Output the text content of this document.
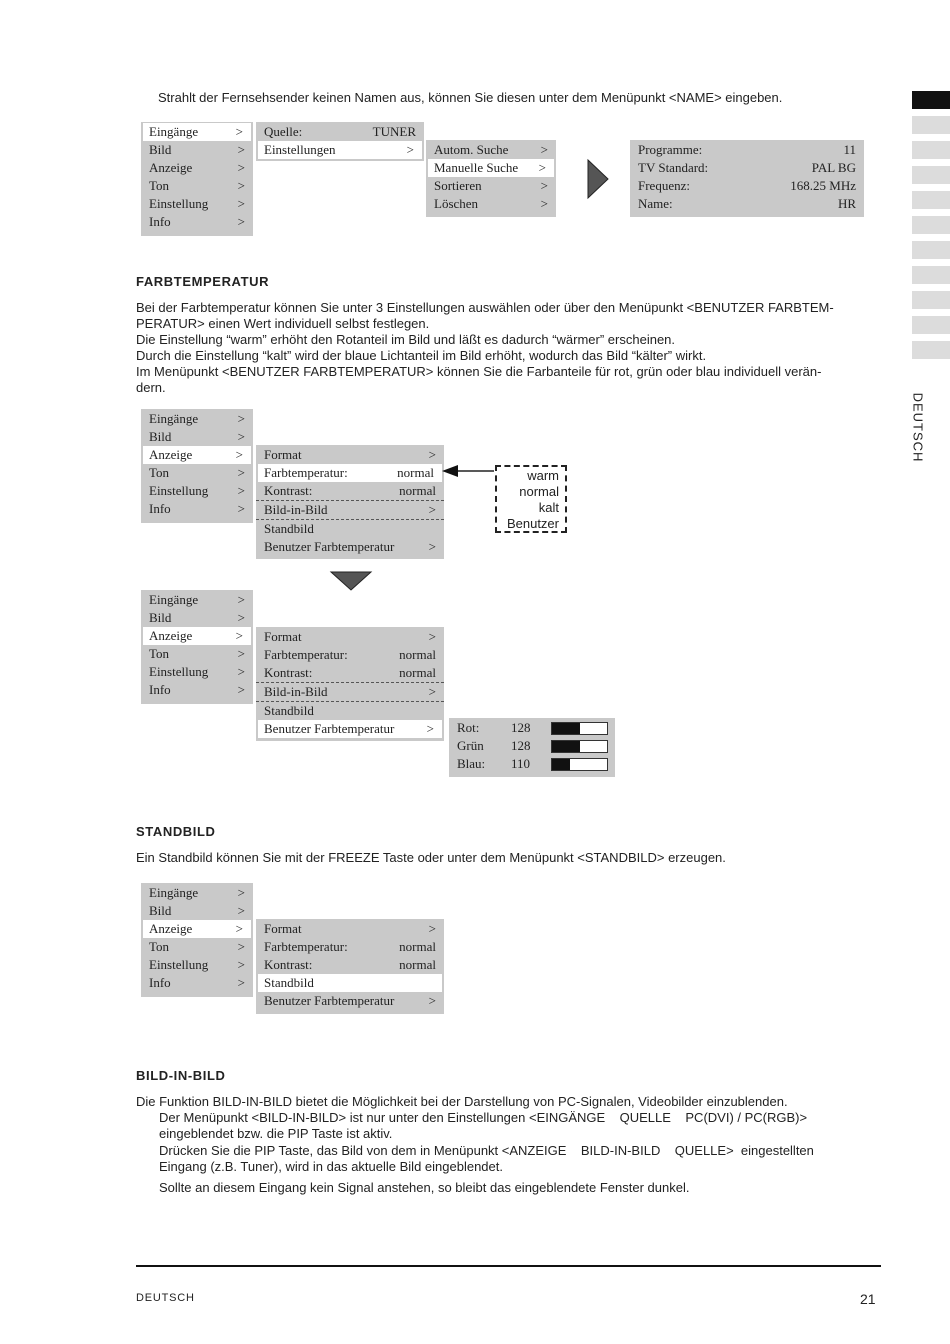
DEUTSCH
Strahlt der Fernsehsender keinen Namen aus, können Sie diesen unter dem Menüpunkt <NAME> eingeben.
Eingänge	>
Bild	>
Anzeige	>
Ton	>
Einstellung >
Info	>
Quelle:	TUNER
Einstellungen	>	Autom. Suche >
Manuelle Suche >
Sortieren	>
Löschen	>
Programme:	11
TV Standard:	PAL BG
Frequenz:	168.25 MHz
Name:	HR
FARBTEMPERATUR
Bei der Farbtemperatur können Sie unter 3 Einstellungen auswählen oder über den Menüpunkt <BENUTZER FARBTEM-
PERATUR> einen Wert individuell selbst festlegen.
Die Einstellung “warm” erhöht den Rotanteil im Bild und läßt es dadurch “wärmer” erscheinen.
Durch die Einstellung “kalt” wird der blaue Lichtanteil im Bild erhöht, wodurch das Bild “kälter” wirkt.
Im Menüpunkt <BENUTZER FARBTEMPERATUR> können Sie die Farbanteile für rot, grün oder blau individuell verän-
dern.
Eingänge	>
Bild	>
Anzeige	>
Ton	>
Einstellung >
Info	>
Format	>
Farbtemperatur:	normal
Kontrast:	normal
Bild-in-Bild	>
Standbild
Benutzer Farbtemperatur	>
warm
normal
kalt
Benutzer
Eingänge	>
Bild	>
Anzeige	>
Ton	>
Einstellung >
Info	>
Format	>
Farbtemperatur:	normal
Kontrast:	normal
Bild-in-Bild	>
Standbild
Benutzer Farbtemperatur >	Rot: 128
Grün 128
Blau: 110
STANDBILD
Ein Standbild können Sie mit der FREEZE Taste oder unter dem Menüpunkt <STANDBILD> erzeugen.
Eingänge	>
Bild	>
Anzeige	>
Ton	>
Einstellung >
Info	>
Format	>
Farbtemperatur:	normal
Kontrast:	normal
Standbild
Benutzer Farbtemperatur	>
BILD-IN-BILD
Die Funktion BILD-IN-BILD bietet die Möglichkeit bei der Darstellung von PC-Signalen, Videobilder einzublenden.
Der Menüpunkt <BILD-IN-BILD> ist nur unter den Einstellungen <EINGÄNGE    QUELLE    PC(DVI) / PC(RGB)>
eingeblendet bzw. die PIP Taste ist aktiv.
Drücken Sie die PIP Taste, das Bild von dem in Menüpunkt <ANZEIGE    BILD-IN-BILD    QUELLE>  eingestellten
Eingang (z.B. Tuner), wird in das aktuelle Bild eingeblendet.
Sollte an diesem Eingang kein Signal anstehen, so bleibt das eingeblendete Fenster dunkel.
DEUTSCH	21
